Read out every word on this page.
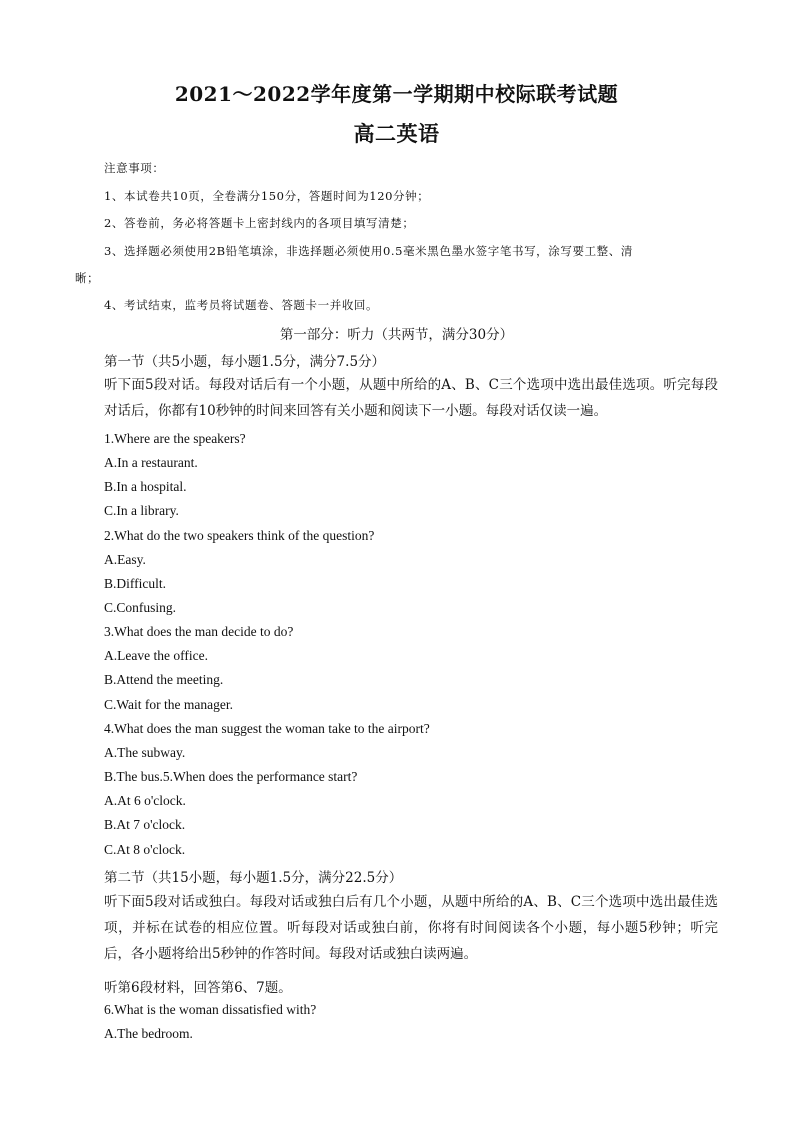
2021～2022学年度第一学期期中校际联考试题
高二英语
注意事项：
1、本试卷共10页，全卷满分150分，答题时间为120分钟；
2、答卷前，务必将答题卡上密封线内的各项目填写清楚；
3、选择题必须使用2B铅笔填涂，非选择题必须使用0.5毫米黑色墨水签字笔书写，涂写要工整、清
晰；
4、考试结束，监考员将试题卷、答题卡一并收回。
第一部分：听力（共两节，满分30分）
第一节（共5小题，每小题1.5分，满分7.5分）
听下面5段对话。每段对话后有一个小题，从题中所给的A、B、C三个选项中选出最佳选项。听完每段对话后，你都有10秒钟的时间来回答有关小题和阅读下一小题。每段对话仅读一遍。
1.Where are the speakers?
A.In a restaurant.
B.In a hospital.
C.In a library.
2.What do the two speakers think of the question?
A.Easy.
B.Difficult.
C.Confusing.
3.What does the man decide to do?
A.Leave the office.
B.Attend the meeting.
C.Wait for the manager.
4.What does the man suggest the woman take to the airport?
A.The subway.
B.The bus.5.When does the performance start?
A.At 6 o'clock.
B.At 7 o'clock.
C.At 8 o'clock.
第二节（共15小题，每小题1.5分，满分22.5分）
听下面5段对话或独白。每段对话或独白后有几个小题，从题中所给的A、B、C三个选项中选出最佳选项，并标在试卷的相应位置。听每段对话或独白前，你将有时间阅读各个小题，每小题5秒钟；听完后，各小题将给出5秒钟的作答时间。每段对话或独白读两遍。
听第6段材料，回答第6、7题。
6.What is the woman dissatisfied with?
A.The bedroom.
